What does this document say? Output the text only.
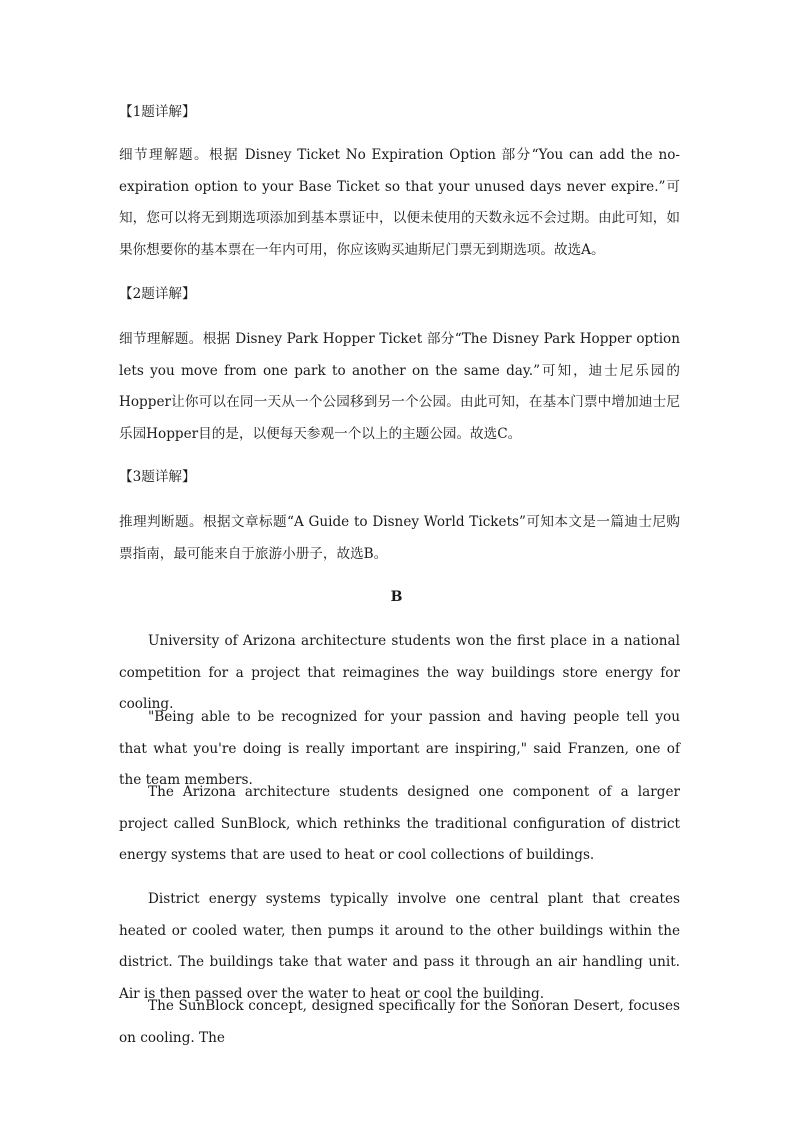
【1题详解】

细节理解题。根据 Disney Ticket No Expiration Option 部分“You can add the no-expiration option to your Base Ticket so that your unused days never expire.”可知，您可以将无到期选项添加到基本票证中，以便未使用的天数永远不会过期。由此可知，如果你想要你的基本票在一年内可用，你应该购买迪斯尼门票无到期选项。故选A。

【2题详解】

细节理解题。根据 Disney Park Hopper Ticket 部分“The Disney Park Hopper option lets you move from one park to another on the same day.”可知，迪士尼乐园的Hopper让你可以在同一天从一个公园移到另一个公园。由此可知，在基本门票中增加迪士尼乐园Hopper目的是，以便每天参观一个以上的主题公园。故选C。

【3题详解】

推理判断题。根据文章标题“A Guide to Disney World Tickets”可知本文是一篇迪士尼购票指南，最可能来自于旅游小册子，故选B。

B

University of Arizona architecture students won the first place in a national competition for a project that reimagines the way buildings store energy for cooling.

"Being able to be recognized for your passion and having people tell you that what you're doing is really important are inspiring," said Franzen, one of the team members.

The Arizona architecture students designed one component of a larger project called SunBlock, which rethinks the traditional configuration of district energy systems that are used to heat or cool collections of buildings.

District energy systems typically involve one central plant that creates heated or cooled water, then pumps it around to the other buildings within the district. The buildings take that water and pass it through an air handling unit. Air is then passed over the water to heat or cool the building.

The SunBlock concept, designed specifically for the Sonoran Desert, focuses on cooling. The
